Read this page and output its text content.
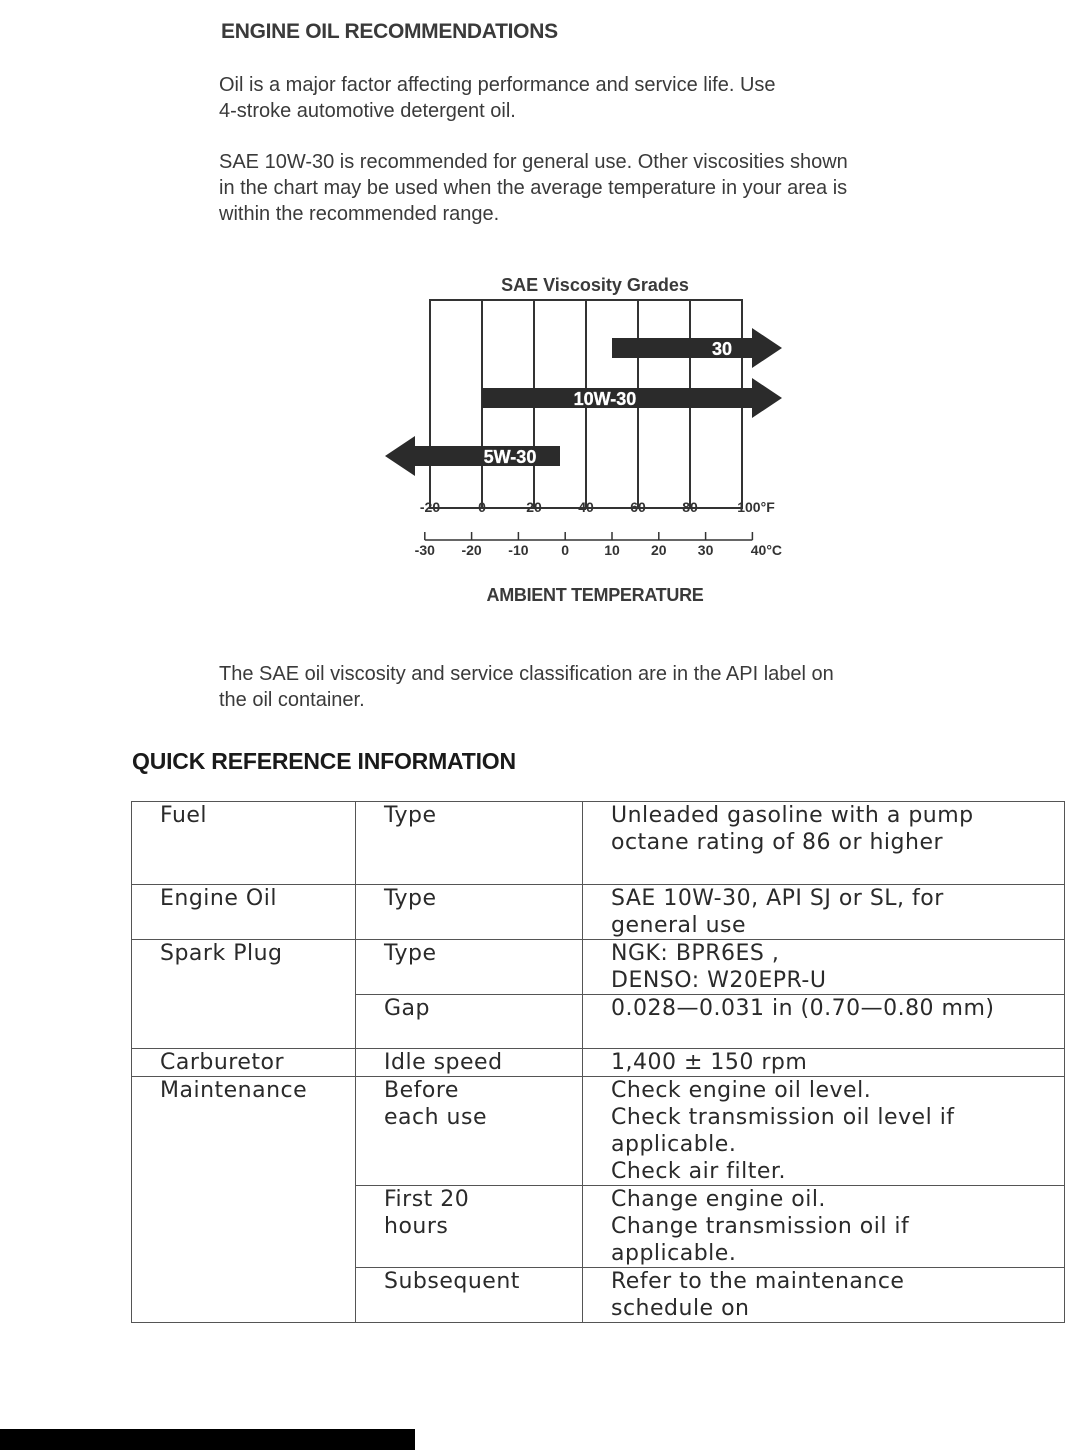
ENGINE OIL RECOMMENDATIONS
Oil is a major factor affecting performance and service life. Use
4-stroke automotive detergent oil.
SAE 10W-30 is recommended for general use. Other viscosities shown
in the chart may be used when the average temperature in your area is
within the recommended range.
SAE Viscosity Grades
30
10W-30
5W-30
-20	0	20	40	60	80	100°F
-30 -20 -10 0	10 20 30	40°C
AMBIENT TEMPERATURE
The SAE oil viscosity and service classification are in the API label on
the oil container.
QUICK REFERENCE INFORMATION
Fuel	Type	Unleaded gasoline with a pump
octane rating of 86 or higher

Engine Oil	Type	SAE 10W-30, API SJ or SL, for
general use

Spark Plug	Type	NGK: BPR6ES ,
DENSO: W20EPR-U

	Gap	0.028—0.031 in (0.70—0.80 mm)

Carburetor	Idle speed	1,400 ± 150 rpm

Maintenance	Before
each use	Check engine oil level.
Check transmission oil level if
applicable.
Check air filter.

	First 20
hours	Change engine oil.
Change transmission oil if
applicable.

	Subsequent	Refer to the maintenance
schedule on
